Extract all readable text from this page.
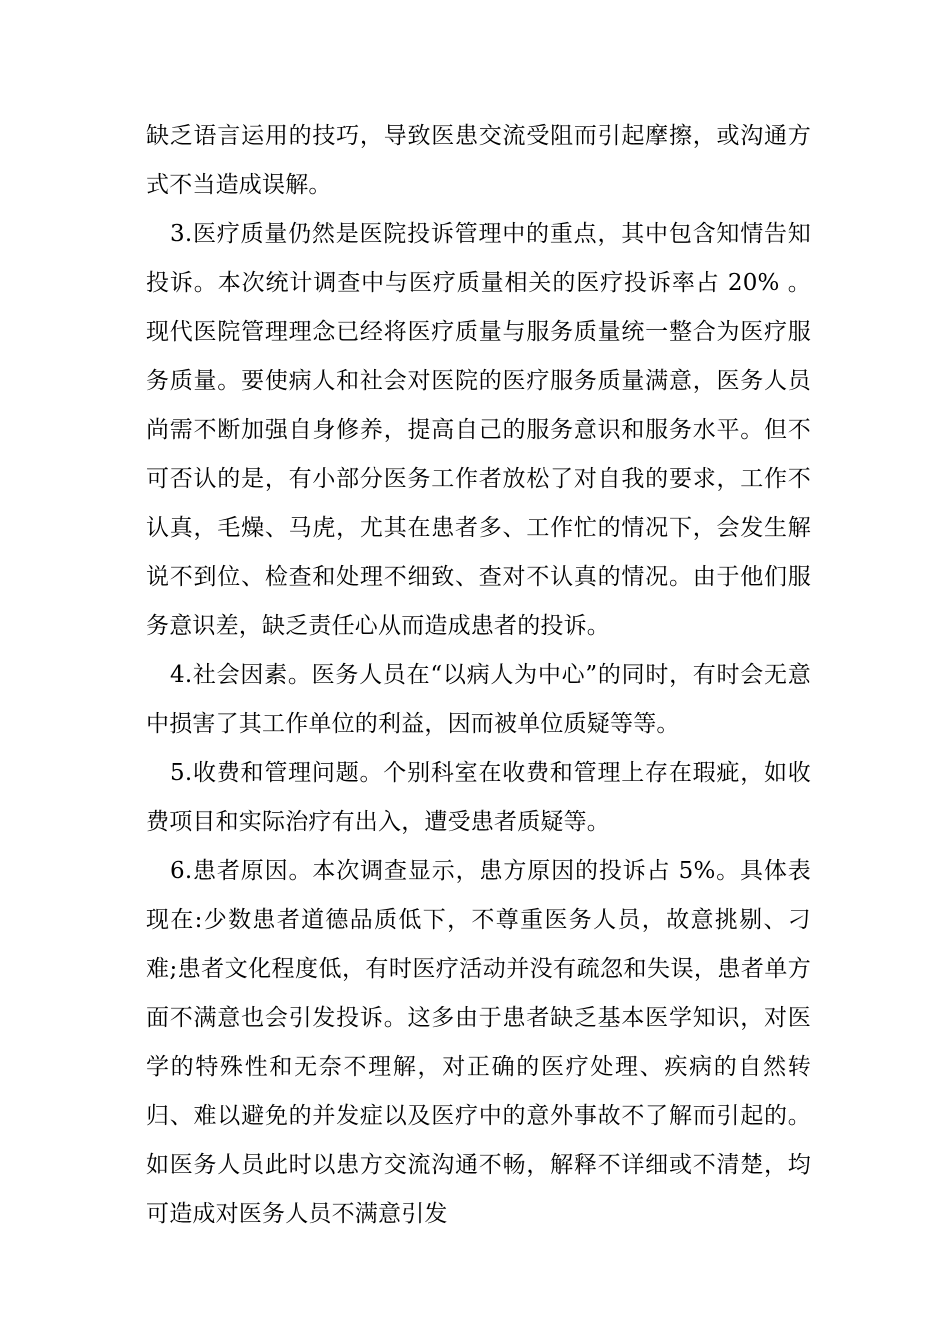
缺乏语言运用的技巧，导致医患交流受阻而引起摩擦，或沟通方式不当造成误解。

3.医疗质量仍然是医院投诉管理中的重点，其中包含知情告知投诉。本次统计调查中与医疗质量相关的医疗投诉率占 20% 。现代医院管理理念已经将医疗质量与服务质量统一整合为医疗服务质量。要使病人和社会对医院的医疗服务质量满意，医务人员尚需不断加强自身修养，提高自己的服务意识和服务水平。但不可否认的是，有小部分医务工作者放松了对自我的要求，工作不认真，毛燥、马虎，尤其在患者多、工作忙的情况下，会发生解说不到位、检查和处理不细致、查对不认真的情况。由于他们服务意识差，缺乏责任心从而造成患者的投诉。

4.社会因素。医务人员在“以病人为中心”的同时，有时会无意中损害了其工作单位的利益，因而被单位质疑等等。

5.收费和管理问题。个别科室在收费和管理上存在瑕疵，如收费项目和实际治疗有出入，遭受患者质疑等。

6.患者原因。本次调查显示，患方原因的投诉占 5%。具体表现在:少数患者道德品质低下，不尊重医务人员，故意挑剔、刁难;患者文化程度低，有时医疗活动并没有疏忽和失误，患者单方面不满意也会引发投诉。这多由于患者缺乏基本医学知识，对医学的特殊性和无奈不理解，对正确的医疗处理、疾病的自然转归、难以避免的并发症以及医疗中的意外事故不了解而引起的。如医务人员此时以患方交流沟通不畅，解释不详细或不清楚，均可造成对医务人员不满意引发
